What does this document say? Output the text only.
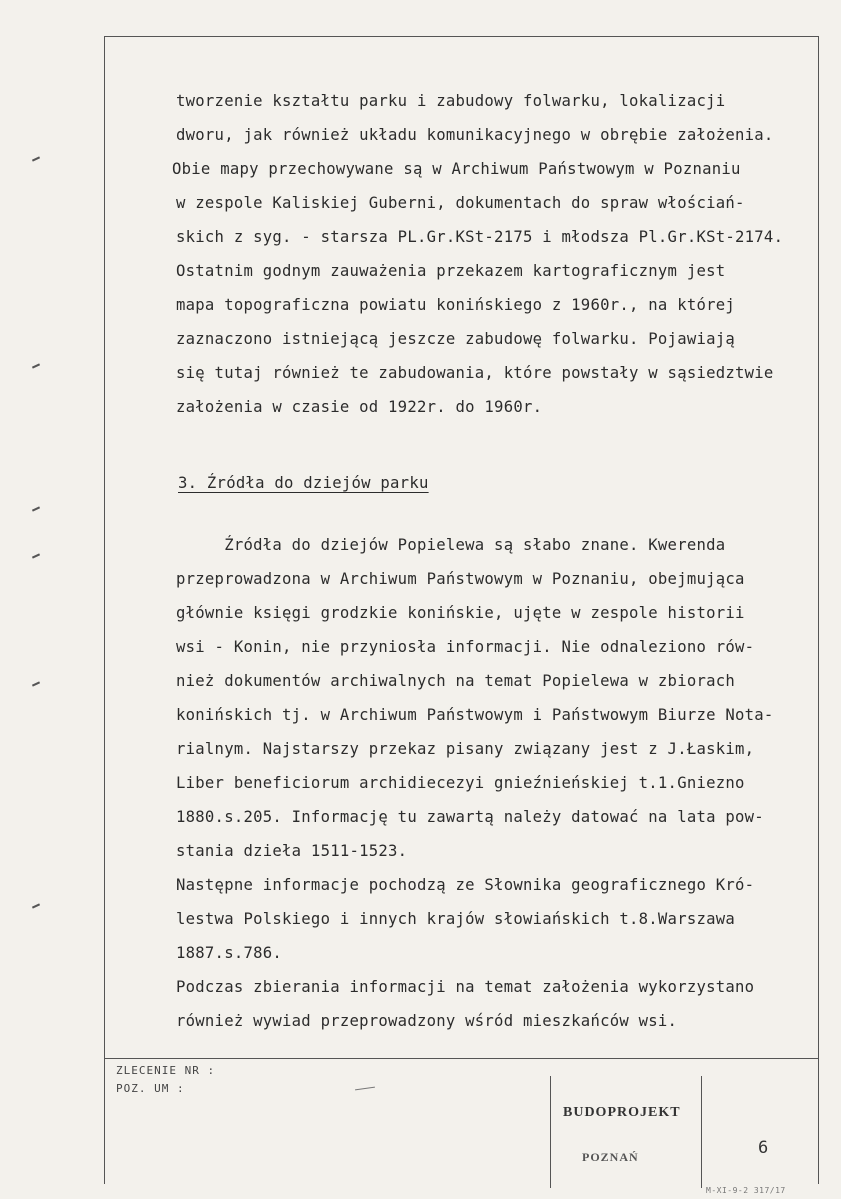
tworzenie kształtu parku i zabudowy folwarku, lokalizacji
dworu, jak również układu komunikacyjnego w obrębie założenia.
Obie mapy przechowywane są w Archiwum Państwowym w Poznaniu
w zespole Kaliskiej Guberni, dokumentach do spraw włościań-
skich z syg. - starsza PL.Gr.KSt-2175 i młodsza Pl.Gr.KSt-2174.
Ostatnim godnym zauważenia przekazem kartograficznym jest
mapa topograficzna powiatu konińskiego z 1960r., na której
zaznaczono istniejącą jeszcze zabudowę folwarku. Pojawiają
się tutaj również te zabudowania, które powstały w sąsiedztwie
założenia w czasie od 1922r. do 1960r.
3. Źródła do dziejów parku
Źródła do dziejów Popielewa są słabo znane. Kwerenda
przeprowadzona w Archiwum Państwowym w Poznaniu, obejmująca
głównie księgi grodzkie konińskie, ujęte w zespole historii
wsi - Konin, nie przyniosła informacji. Nie odnaleziono rów-
nież dokumentów archiwalnych na temat Popielewa w zbiorach
konińskich tj. w Archiwum Państwowym i Państwowym Biurze Nota-
rialnym. Najstarszy przekaz pisany związany jest z J.Łaskim,
Liber beneficiorum archidiecezyi gnieźnieńskiej t.1.Gniezno
1880.s.205. Informację tu zawartą należy datować na lata pow-
stania dzieła 1511-1523.
Następne informacje pochodzą ze Słownika geograficznego Kró-
lestwa Polskiego i innych krajów słowiańskich t.8.Warszawa
1887.s.786.
Podczas zbierania informacji na temat założenia wykorzystano
również wywiad przeprowadzony wśród mieszkańców wsi.
ZLECENIE NR :
POZ. UM :
BUDOPROJEKT
POZNAŃ	6
M-XI-9-2 317/17
